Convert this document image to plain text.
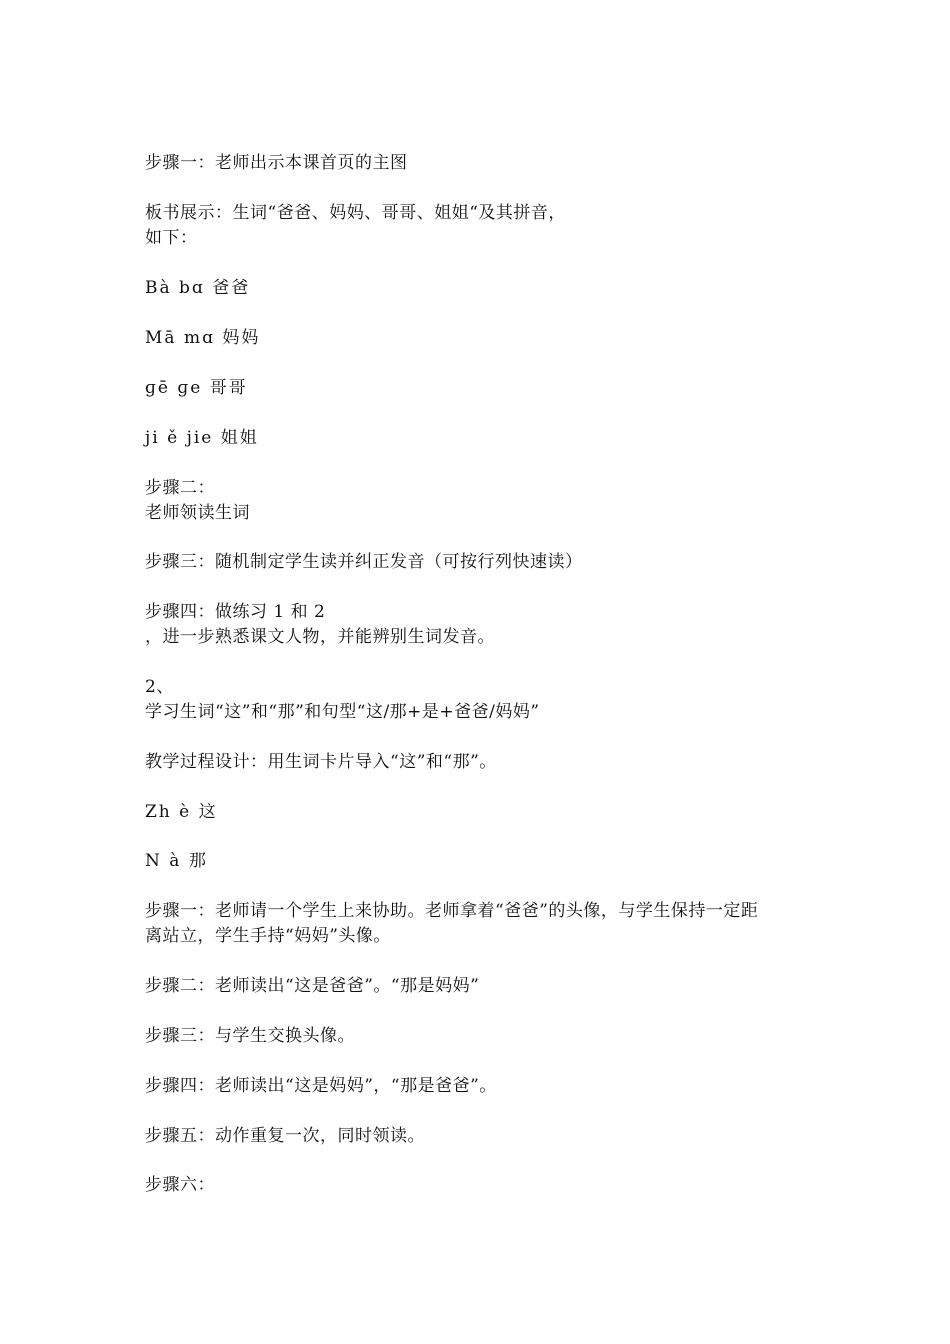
步骤一：老师出示本课首页的主图
板书展示：生词“爸爸、妈妈、哥哥、姐姐“及其拼音，
如下：
Bà bɑ 爸爸
Mā mɑ 妈妈
ɡē ɡe 哥哥
ji ě jie 姐姐
步骤二：
老师领读生词
步骤三：随机制定学生读并纠正发音（可按行列快速读）
步骤四：做练习 1 和 2
，进一步熟悉课文人物，并能辨别生词发音。
2、
学习生词“这”和“那”和句型“这/那+是+爸爸/妈妈”
教学过程设计：用生词卡片导入“这”和“那”。
Zh è 这
N à 那
步骤一：老师请一个学生上来协助。老师拿着“爸爸”的头像，与学生保持一定距
离站立，学生手持“妈妈”头像。
步骤二：老师读出“这是爸爸”。“那是妈妈”
步骤三：与学生交换头像。
步骤四：老师读出“这是妈妈”，“那是爸爸”。
步骤五：动作重复一次，同时领读。
步骤六：
